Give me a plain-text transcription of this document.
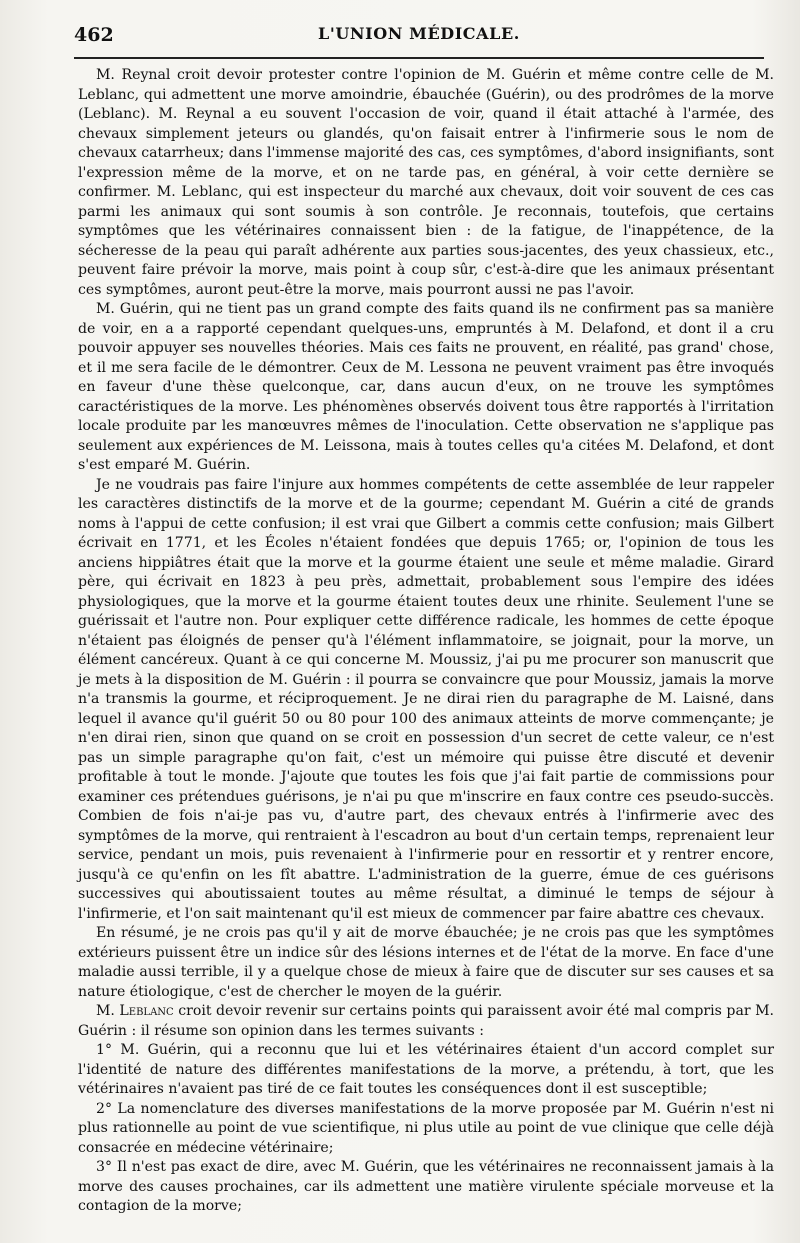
462	L'UNION MÉDICALE.

M. Reynal croit devoir protester contre l'opinion de M. Guérin et même contre celle de M. Leblanc, qui admettent une morve amoindrie, ébauchée (Guérin), ou des prodrômes de la morve (Leblanc). M. Reynal a eu souvent l'occasion de voir, quand il était attaché à l'armée, des chevaux simplement jeteurs ou glandés, qu'on faisait entrer à l'infirmerie sous le nom de chevaux catarrheux; dans l'immense majorité des cas, ces symptômes, d'abord insignifiants, sont l'expression même de la morve, et on ne tarde pas, en général, à voir cette dernière se confirmer. M. Leblanc, qui est inspecteur du marché aux chevaux, doit voir souvent de ces cas parmi les animaux qui sont soumis à son contrôle. Je reconnais, toutefois, que certains symptômes que les vétérinaires connaissent bien : de la fatigue, de l'inappétence, de la sécheresse de la peau qui paraît adhérente aux parties sous-jacentes, des yeux chassieux, etc., peuvent faire prévoir la morve, mais point à coup sûr, c'est-à-dire que les animaux présentant ces symptômes, auront peut-être la morve, mais pourront aussi ne pas l'avoir.

M. Guérin, qui ne tient pas un grand compte des faits quand ils ne confirment pas sa manière de voir, en a a rapporté cependant quelques-uns, empruntés à M. Delafond, et dont il a cru pouvoir appuyer ses nouvelles théories. Mais ces faits ne prouvent, en réalité, pas grand' chose, et il me sera facile de le démontrer. Ceux de M. Lessona ne peuvent vraiment pas être invoqués en faveur d'une thèse quelconque, car, dans aucun d'eux, on ne trouve les symptômes caractéristiques de la morve. Les phénomènes observés doivent tous être rapportés à l'irritation locale produite par les manœuvres mêmes de l'inoculation. Cette observation ne s'applique pas seulement aux expériences de M. Leissona, mais à toutes celles qu'a citées M. Delafond, et dont s'est emparé M. Guérin.

Je ne voudrais pas faire l'injure aux hommes compétents de cette assemblée de leur rappeler les caractères distinctifs de la morve et de la gourme; cependant M. Guérin a cité de grands noms à l'appui de cette confusion; il est vrai que Gilbert a commis cette confusion; mais Gilbert écrivait en 1771, et les Écoles n'étaient fondées que depuis 1765; or, l'opinion de tous les anciens hippiâtres était que la morve et la gourme étaient une seule et même maladie. Girard père, qui écrivait en 1823 à peu près, admettait, probablement sous l'empire des idées physiologiques, que la morve et la gourme étaient toutes deux une rhinite. Seulement l'une se guérissait et l'autre non. Pour expliquer cette différence radicale, les hommes de cette époque n'étaient pas éloignés de penser qu'à l'élément inflammatoire, se joignait, pour la morve, un élément cancéreux. Quant à ce qui concerne M. Moussiz, j'ai pu me procurer son manuscrit que je mets à la disposition de M. Guérin : il pourra se convaincre que pour Moussiz, jamais la morve n'a transmis la gourme, et réciproquement. Je ne dirai rien du paragraphe de M. Laisné, dans lequel il avance qu'il guérit 50 ou 80 pour 100 des animaux atteints de morve commençante; je n'en dirai rien, sinon que quand on se croit en possession d'un secret de cette valeur, ce n'est pas un simple paragraphe qu'on fait, c'est un mémoire qui puisse être discuté et devenir profitable à tout le monde. J'ajoute que toutes les fois que j'ai fait partie de commissions pour examiner ces prétendues guérisons, je n'ai pu que m'inscrire en faux contre ces pseudo-succès. Combien de fois n'ai-je pas vu, d'autre part, des chevaux entrés à l'infirmerie avec des symptômes de la morve, qui rentraient à l'escadron au bout d'un certain temps, reprenaient leur service, pendant un mois, puis revenaient à l'infirmerie pour en ressortir et y rentrer encore, jusqu'à ce qu'enfin on les fît abattre. L'administration de la guerre, émue de ces guérisons successives qui aboutissaient toutes au même résultat, a diminué le temps de séjour à l'infirmerie, et l'on sait maintenant qu'il est mieux de commencer par faire abattre ces chevaux.

En résumé, je ne crois pas qu'il y ait de morve ébauchée; je ne crois pas que les symptômes extérieurs puissent être un indice sûr des lésions internes et de l'état de la morve. En face d'une maladie aussi terrible, il y a quelque chose de mieux à faire que de discuter sur ses causes et sa nature étiologique, c'est de chercher le moyen de la guérir.

M. Leblanc croit devoir revenir sur certains points qui paraissent avoir été mal compris par M. Guérin : il résume son opinion dans les termes suivants :

1° M. Guérin, qui a reconnu que lui et les vétérinaires étaient d'un accord complet sur l'identité de nature des différentes manifestations de la morve, a prétendu, à tort, que les vétérinaires n'avaient pas tiré de ce fait toutes les conséquences dont il est susceptible;

2° La nomenclature des diverses manifestations de la morve proposée par M. Guérin n'est ni plus rationnelle au point de vue scientifique, ni plus utile au point de vue clinique que celle déjà consacrée en médecine vétérinaire;

3° Il n'est pas exact de dire, avec M. Guérin, que les vétérinaires ne reconnaissent jamais à la morve des causes prochaines, car ils admettent une matière virulente spéciale morveuse et la contagion de la morve;
